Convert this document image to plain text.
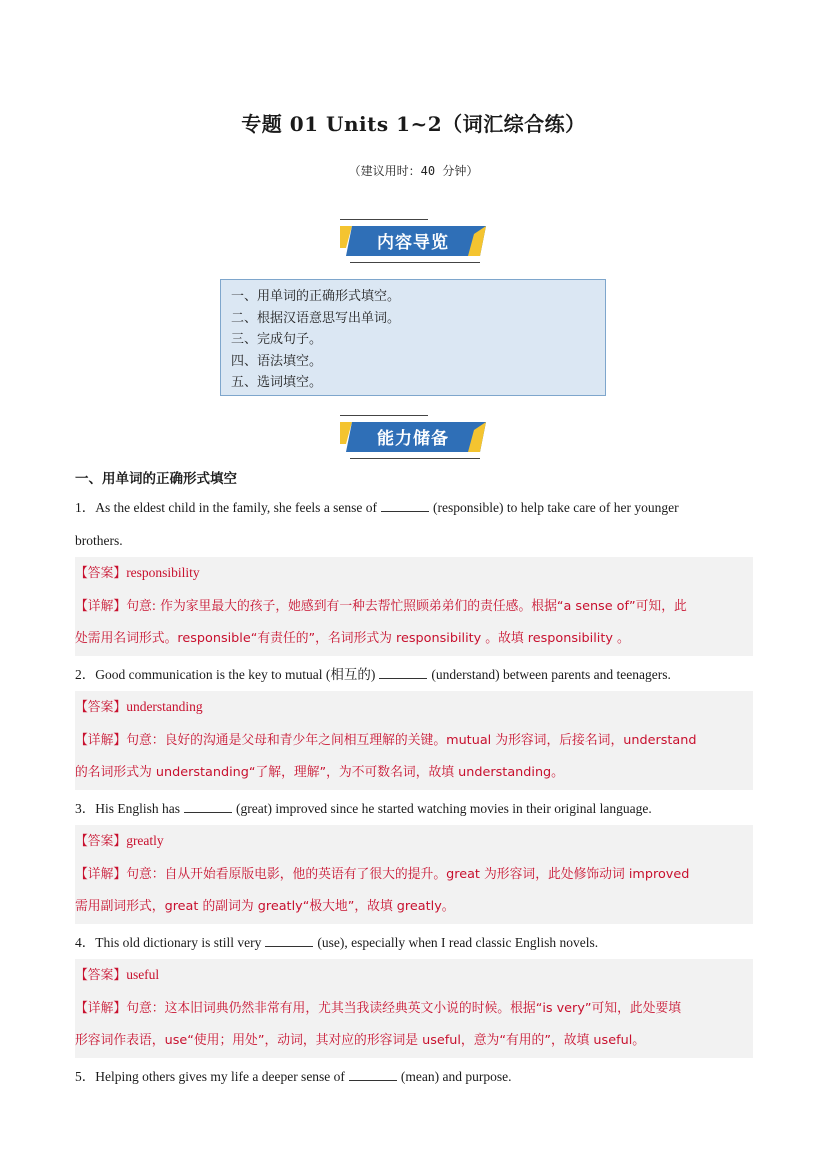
专题 01 Units 1~2（词汇综合练）
（建议用时：40 分钟）
内容导览
一、用单词的正确形式填空。
二、根据汉语意思写出单词。
三、完成句子。
四、语法填空。
五、选词填空。
能力储备
一、用单词的正确形式填空
1．As the eldest child in the family, she feels a sense of	(responsible) to help take care of her younger
brothers.
【答案】responsibility
【详解】句意: 作为家里最大的孩子，她感到有一种去帮忙照顾弟弟们的责任感。根据“a sense of”可知，此
处需用名词形式。responsible“有责任的”，名词形式为 responsibility 。故填 responsibility 。
2．Good communication is the key to mutual (相互的)	(understand) between parents and teenagers.
【答案】understanding
【详解】句意：良好的沟通是父母和青少年之间相互理解的关键。mutual 为形容词，后接名词，understand
的名词形式为 understanding“了解，理解”，为不可数名词，故填 understanding。
3．His English has	(great) improved since he started watching movies in their original language.
【答案】greatly
【详解】句意：自从开始看原版电影，他的英语有了很大的提升。great 为形容词，此处修饰动词 improved
需用副词形式，great 的副词为 greatly“极大地”，故填 greatly。
4．This old dictionary is still very	(use), especially when I read classic English novels.
【答案】useful
【详解】句意：这本旧词典仍然非常有用，尤其当我读经典英文小说的时候。根据“is very”可知，此处要填
形容词作表语，use“使用；用处”，动词，其对应的形容词是 useful，意为“有用的”，故填 useful。
5．Helping others gives my life a deeper sense of	(mean) and purpose.
